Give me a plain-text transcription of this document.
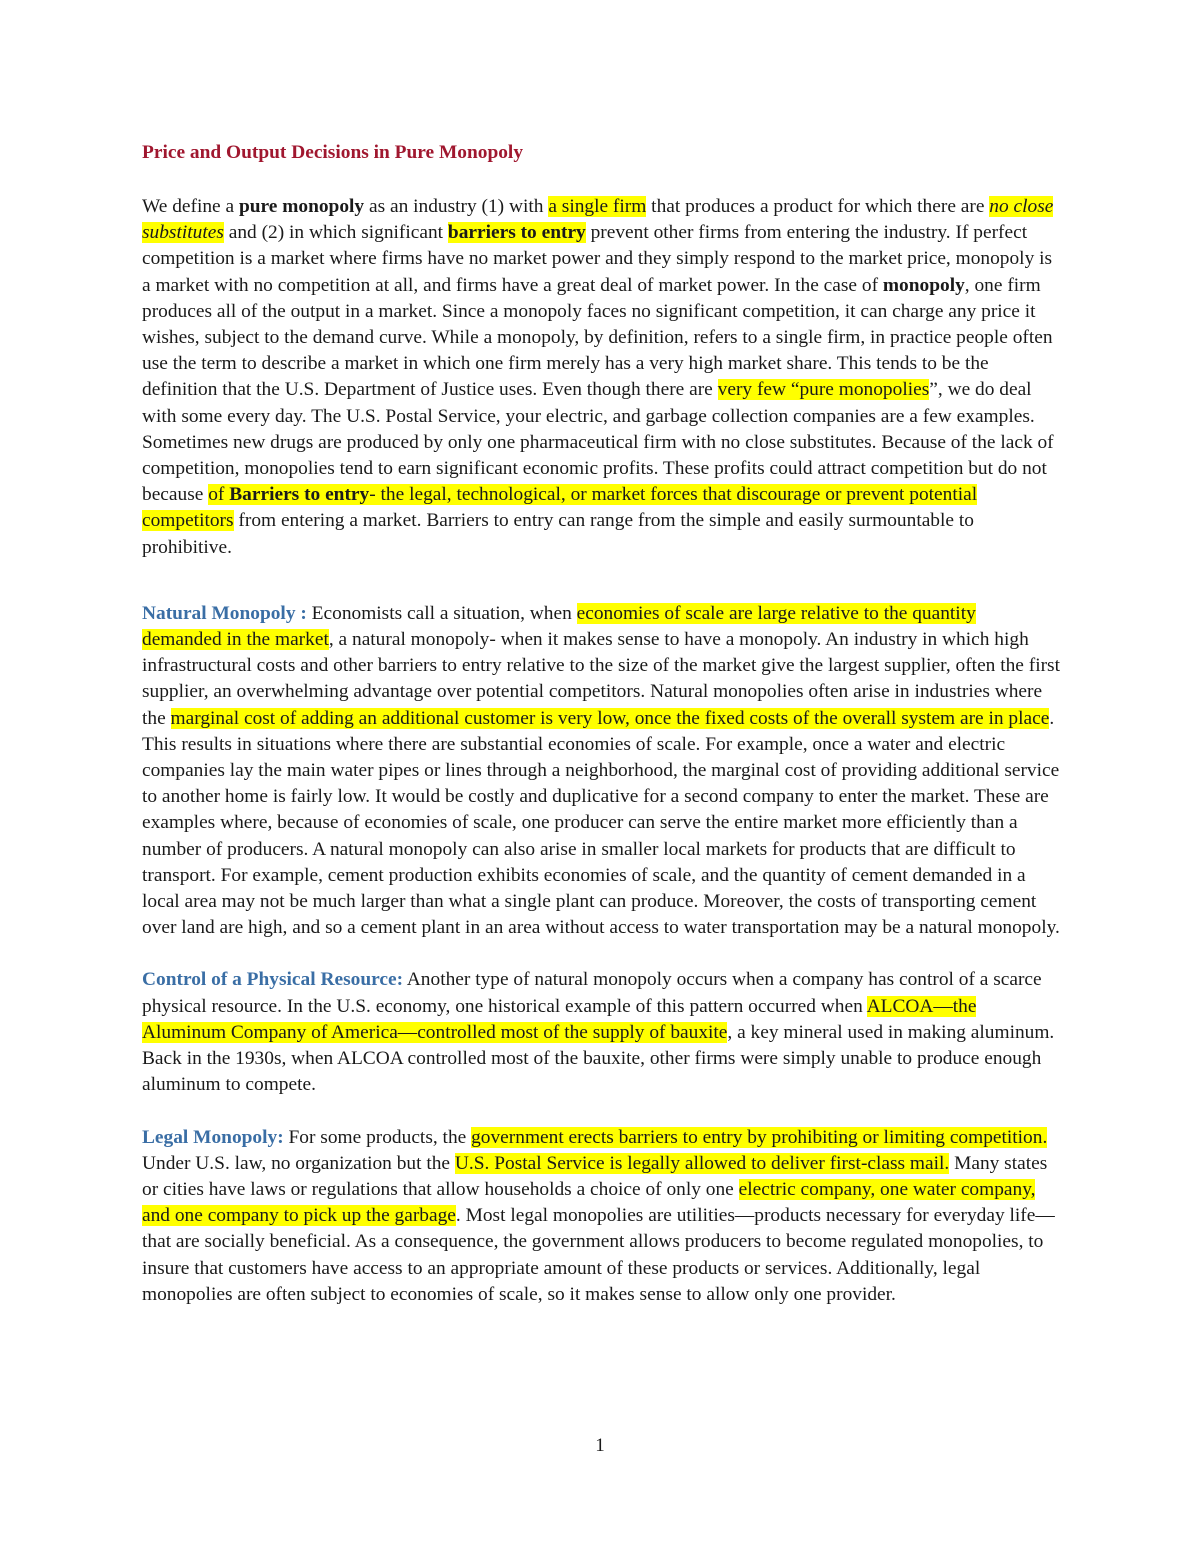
Price and Output Decisions in Pure Monopoly

We define a pure monopoly as an industry (1) with a single firm that produces a product for which there are no close substitutes and (2) in which significant barriers to entry prevent other firms from entering the industry. If perfect competition is a market where firms have no market power and they simply respond to the market price, monopoly is a market with no competition at all, and firms have a great deal of market power. In the case of monopoly, one firm produces all of the output in a market. Since a monopoly faces no significant competition, it can charge any price it wishes, subject to the demand curve. While a monopoly, by definition, refers to a single firm, in practice people often use the term to describe a market in which one firm merely has a very high market share. This tends to be the definition that the U.S. Department of Justice uses. Even though there are very few “pure monopolies”, we do deal with some every day. The U.S. Postal Service, your electric, and garbage collection companies are a few examples. Sometimes new drugs are produced by only one pharmaceutical firm with no close substitutes. Because of the lack of competition, monopolies tend to earn significant economic profits. These profits could attract competition but do not because of Barriers to entry- the legal, technological, or market forces that discourage or prevent potential competitors from entering a market. Barriers to entry can range from the simple and easily surmountable to prohibitive.

Natural Monopoly : Economists call a situation, when economies of scale are large relative to the quantity demanded in the market, a natural monopoly- when it makes sense to have a monopoly. An industry in which high infrastructural costs and other barriers to entry relative to the size of the market give the largest supplier, often the first supplier, an overwhelming advantage over potential competitors. Natural monopolies often arise in industries where the marginal cost of adding an additional customer is very low, once the fixed costs of the overall system are in place. This results in situations where there are substantial economies of scale. For example, once a water and electric companies lay the main water pipes or lines through a neighborhood, the marginal cost of providing additional service to another home is fairly low. It would be costly and duplicative for a second company to enter the market. These are examples where, because of economies of scale, one producer can serve the entire market more efficiently than a number of producers. A natural monopoly can also arise in smaller local markets for products that are difficult to transport. For example, cement production exhibits economies of scale, and the quantity of cement demanded in a local area may not be much larger than what a single plant can produce. Moreover, the costs of transporting cement over land are high, and so a cement plant in an area without access to water transportation may be a natural monopoly.

Control of a Physical Resource: Another type of natural monopoly occurs when a company has control of a scarce physical resource. In the U.S. economy, one historical example of this pattern occurred when ALCOA—the Aluminum Company of America—controlled most of the supply of bauxite, a key mineral used in making aluminum. Back in the 1930s, when ALCOA controlled most of the bauxite, other firms were simply unable to produce enough aluminum to compete.

Legal Monopoly: For some products, the government erects barriers to entry by prohibiting or limiting competition. Under U.S. law, no organization but the U.S. Postal Service is legally allowed to deliver first-class mail. Many states or cities have laws or regulations that allow households a choice of only one electric company, one water company, and one company to pick up the garbage. Most legal monopolies are utilities—products necessary for everyday life—that are socially beneficial. As a consequence, the government allows producers to become regulated monopolies, to insure that customers have access to an appropriate amount of these products or services. Additionally, legal monopolies are often subject to economies of scale, so it makes sense to allow only one provider.

1
